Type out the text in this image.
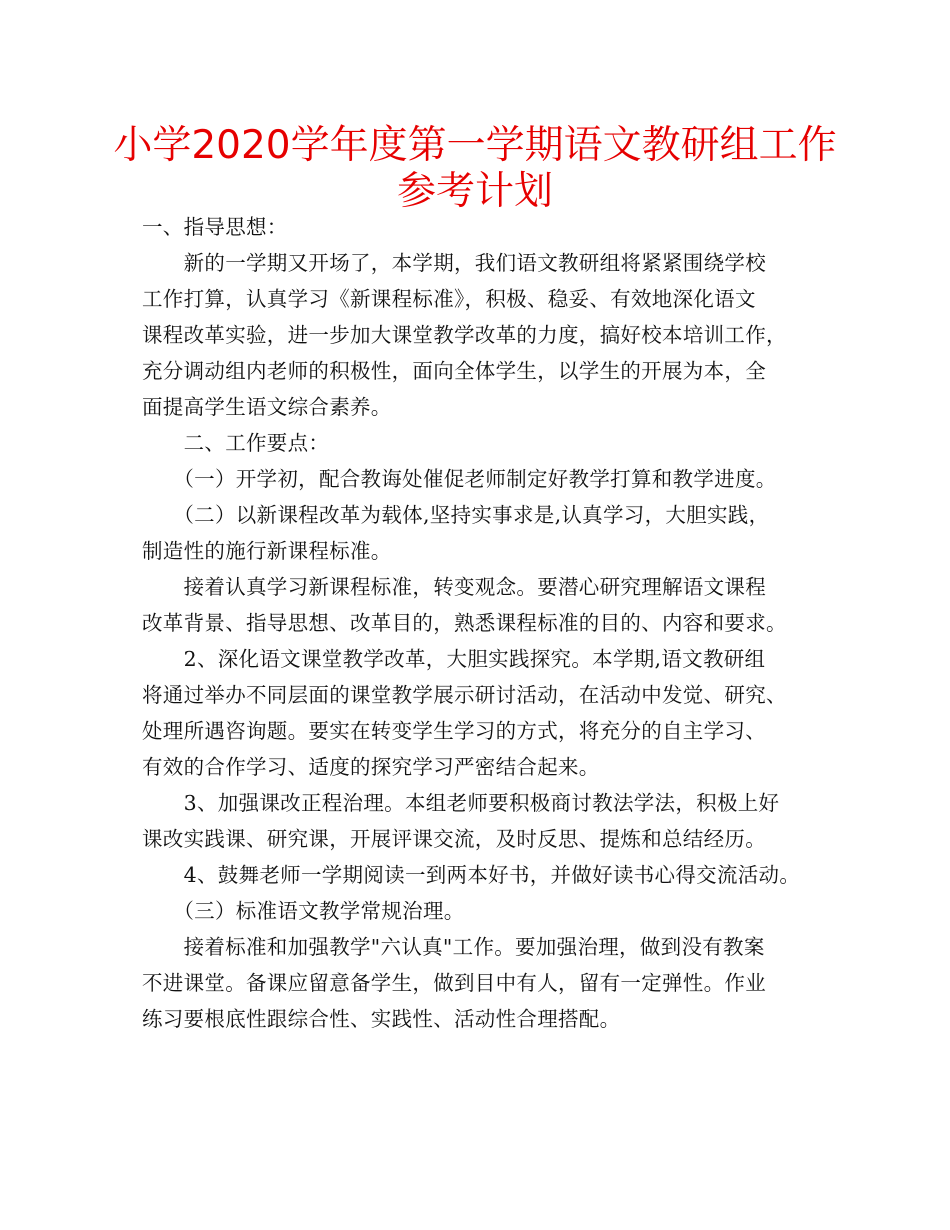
小学2020学年度第一学期语文教研组工作
参考计划

一、指导思想：

　　新的一学期又开场了，本学期，我们语文教研组将紧紧围绕学校

工作打算，认真学习《新课程标准》，积极、稳妥、有效地深化语文

课程改革实验，进一步加大课堂教学改革的力度，搞好校本培训工作，

充分调动组内老师的积极性，面向全体学生，以学生的开展为本，全

面提高学生语文综合素养。

　　二、工作要点：

　　（一）开学初，配合教诲处催促老师制定好教学打算和教学进度。

　　（二）以新课程改革为载体,坚持实事求是,认真学习，大胆实践，

制造性的施行新课程标准。

　　接着认真学习新课程标准，转变观念。要潜心研究理解语文课程

改革背景、指导思想、改革目的，熟悉课程标准的目的、内容和要求。

　　2、深化语文课堂教学改革，大胆实践探究。本学期,语文教研组

将通过举办不同层面的课堂教学展示研讨活动，在活动中发觉、研究、

处理所遇咨询题。要实在转变学生学习的方式，将充分的自主学习、

有效的合作学习、适度的探究学习严密结合起来。

　　3、加强课改正程治理。本组老师要积极商讨教法学法，积极上好

课改实践课、研究课，开展评课交流，及时反思、提炼和总结经历。

　　4、鼓舞老师一学期阅读一到两本好书，并做好读书心得交流活动。

　　（三）标准语文教学常规治理。

　　接着标准和加强教学"六认真"工作。要加强治理，做到没有教案

不进课堂。备课应留意备学生，做到目中有人，留有一定弹性。作业

练习要根底性跟综合性、实践性、活动性合理搭配。
